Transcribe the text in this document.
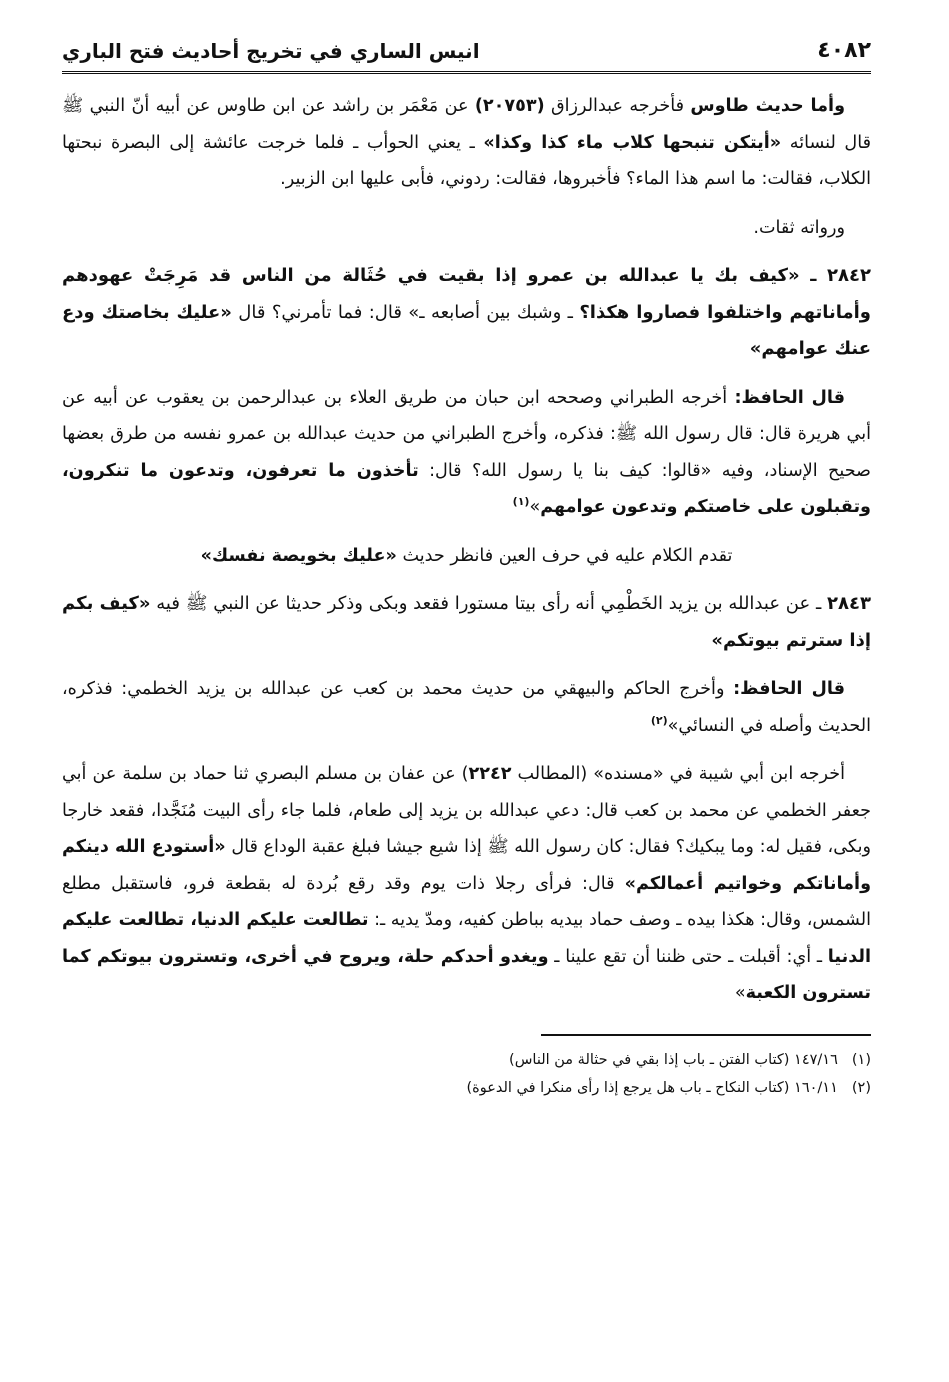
٤٠٨٢
انيس الساري في تخريج أحاديث فتح الباري

وأما حديث طاوس فأخرجه عبدالرزاق (٢٠٧٥٣) عن مَعْمَر بن راشد عن ابن طاوس عن أبيه أنّ النبي ﷺ قال لنسائه «أيتكن تنبحها كلاب ماء كذا وكذا» ـ يعني الحوأب ـ فلما خرجت عائشة إلى البصرة نبحتها الكلاب، فقالت: ما اسم هذا الماء؟ فأخبروها، فقالت: ردوني، فأبى عليها ابن الزبير.

ورواته ثقات.

٢٨٤٢ ـ «كيف بك يا عبدالله بن عمرو إذا بقيت في حُثَالة من الناس قد مَرِجَتْ عهودهم وأماناتهم واختلفوا فصاروا هكذا؟ ـ وشبك بين أصابعه ـ» قال: فما تأمرني؟ قال «عليك بخاصتك ودع عنك عوامهم»

قال الحافظ: أخرجه الطبراني وصححه ابن حبان من طريق العلاء بن عبدالرحمن بن يعقوب عن أبيه عن أبي هريرة قال: قال رسول الله ﷺ: فذكره، وأخرج الطبراني من حديث عبدالله بن عمرو نفسه من طرق بعضها صحيح الإسناد، وفيه «قالوا: كيف بنا يا رسول الله؟ قال: تأخذون ما تعرفون، وتدعون ما تنكرون، وتقبلون على خاصتكم وتدعون عوامهم»$^{(١)}$

تقدم الكلام عليه في حرف العين فانظر حديث «عليك بخويصة نفسك»

٢٨٤٣ ـ عن عبدالله بن يزيد الخَطْمِي أنه رأى بيتا مستورا فقعد وبكى وذكر حديثا عن النبي ﷺ فيه «كيف بكم إذا سترتم بيوتكم»

قال الحافظ: وأخرج الحاكم والبيهقي من حديث محمد بن كعب عن عبدالله بن يزيد الخطمي: فذكره، الحديث وأصله في النسائي»$^{(٢)}$

أخرجه ابن أبي شيبة في «مسنده» (المطالب ٢٢٤٢) عن عفان بن مسلم البصري ثنا حماد بن سلمة عن أبي جعفر الخطمي عن محمد بن كعب قال: دعي عبدالله بن يزيد إلى طعام، فلما جاء رأى البيت مُنَجَّدا، فقعد خارجا وبكى، فقيل له: وما يبكيك؟ فقال: كان رسول الله ﷺ إذا شيع جيشا فبلغ عقبة الوداع قال «أستودع الله دينكم وأماناتكم وخواتيم أعمالكم» قال: فرأى رجلا ذات يوم وقد رقع بُردة له بقطعة فرو، فاستقبل مطلع الشمس، وقال: هكذا بيده ـ وصف حماد بيديه بباطن كفيه، ومدّ يديه ـ: تطالعت عليكم الدنيا، تطالعت عليكم الدنيا ـ أي: أقبلت ـ حتى ظننا أن تقع علينا ـ ويغدو أحدكم حلة، ويروح في أخرى، وتسترون بيوتكم كما تسترون الكعبة»

(١)
١٤٧/١٦ (كتاب الفتن ـ باب إذا بقي في حثالة من الناس)
(٢)
١٦٠/١١ (كتاب النكاح ـ باب هل يرجع إذا رأى منكرا في الدعوة)
